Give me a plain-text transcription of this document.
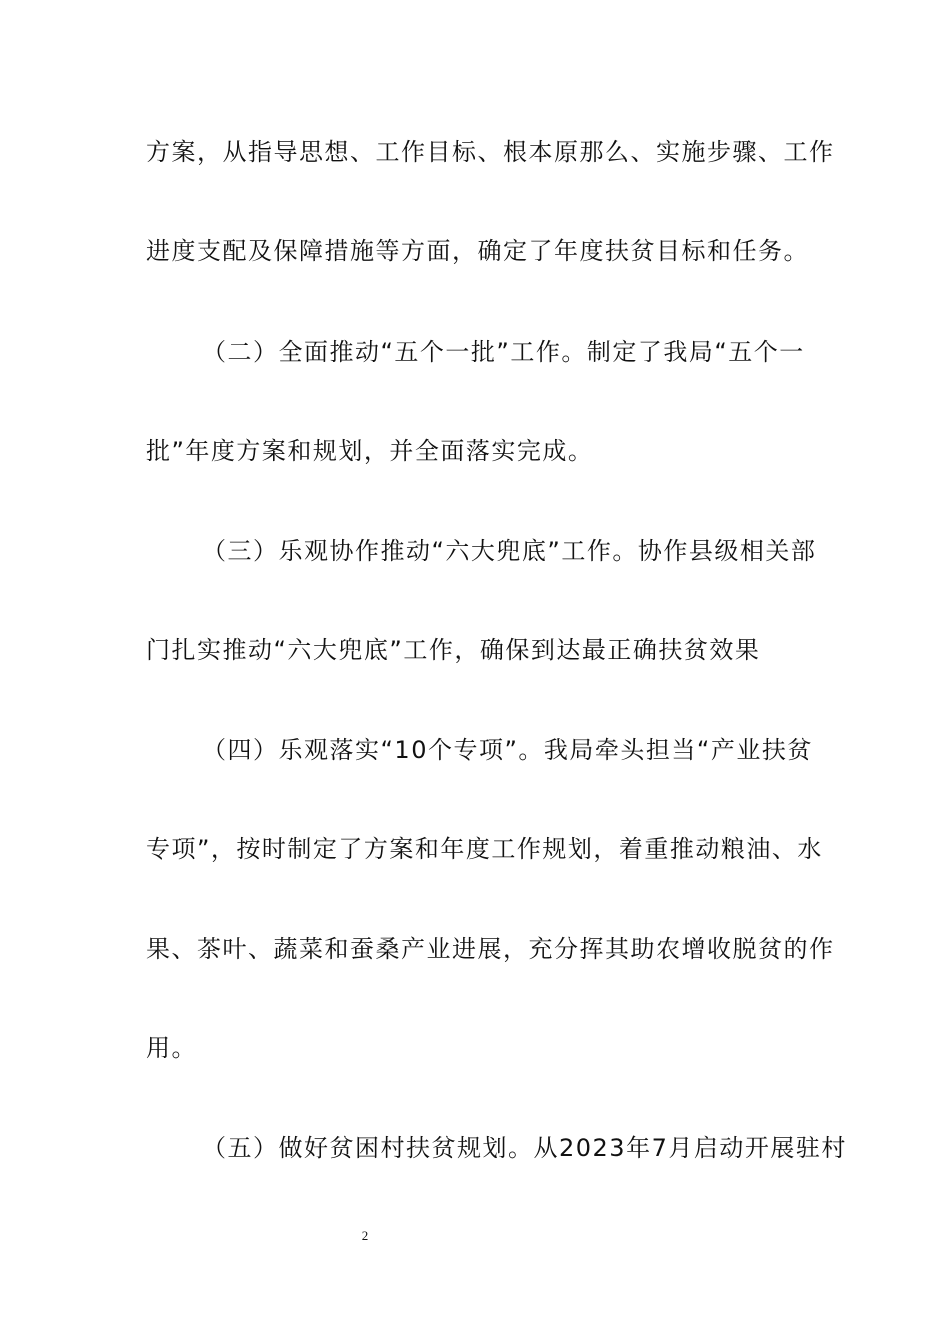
方案，从指导思想、工作目标、根本原那么、实施步骤、工作
进度支配及保障措施等方面，确定了年度扶贫目标和任务。
（二）全面推动“五个一批”工作。制定了我局“五个一
批”年度方案和规划，并全面落实完成。
（三）乐观协作推动“六大兜底”工作。协作县级相关部
门扎实推动“六大兜底”工作，确保到达最正确扶贫效果
（四）乐观落实“10个专项”。我局牵头担当“产业扶贫
专项”，按时制定了方案和年度工作规划，着重推动粮油、水
果、茶叶、蔬菜和蚕桑产业进展，充分挥其助农增收脱贫的作
用。
（五）做好贫困村扶贫规划。从2023年7月启动开展驻村
2
